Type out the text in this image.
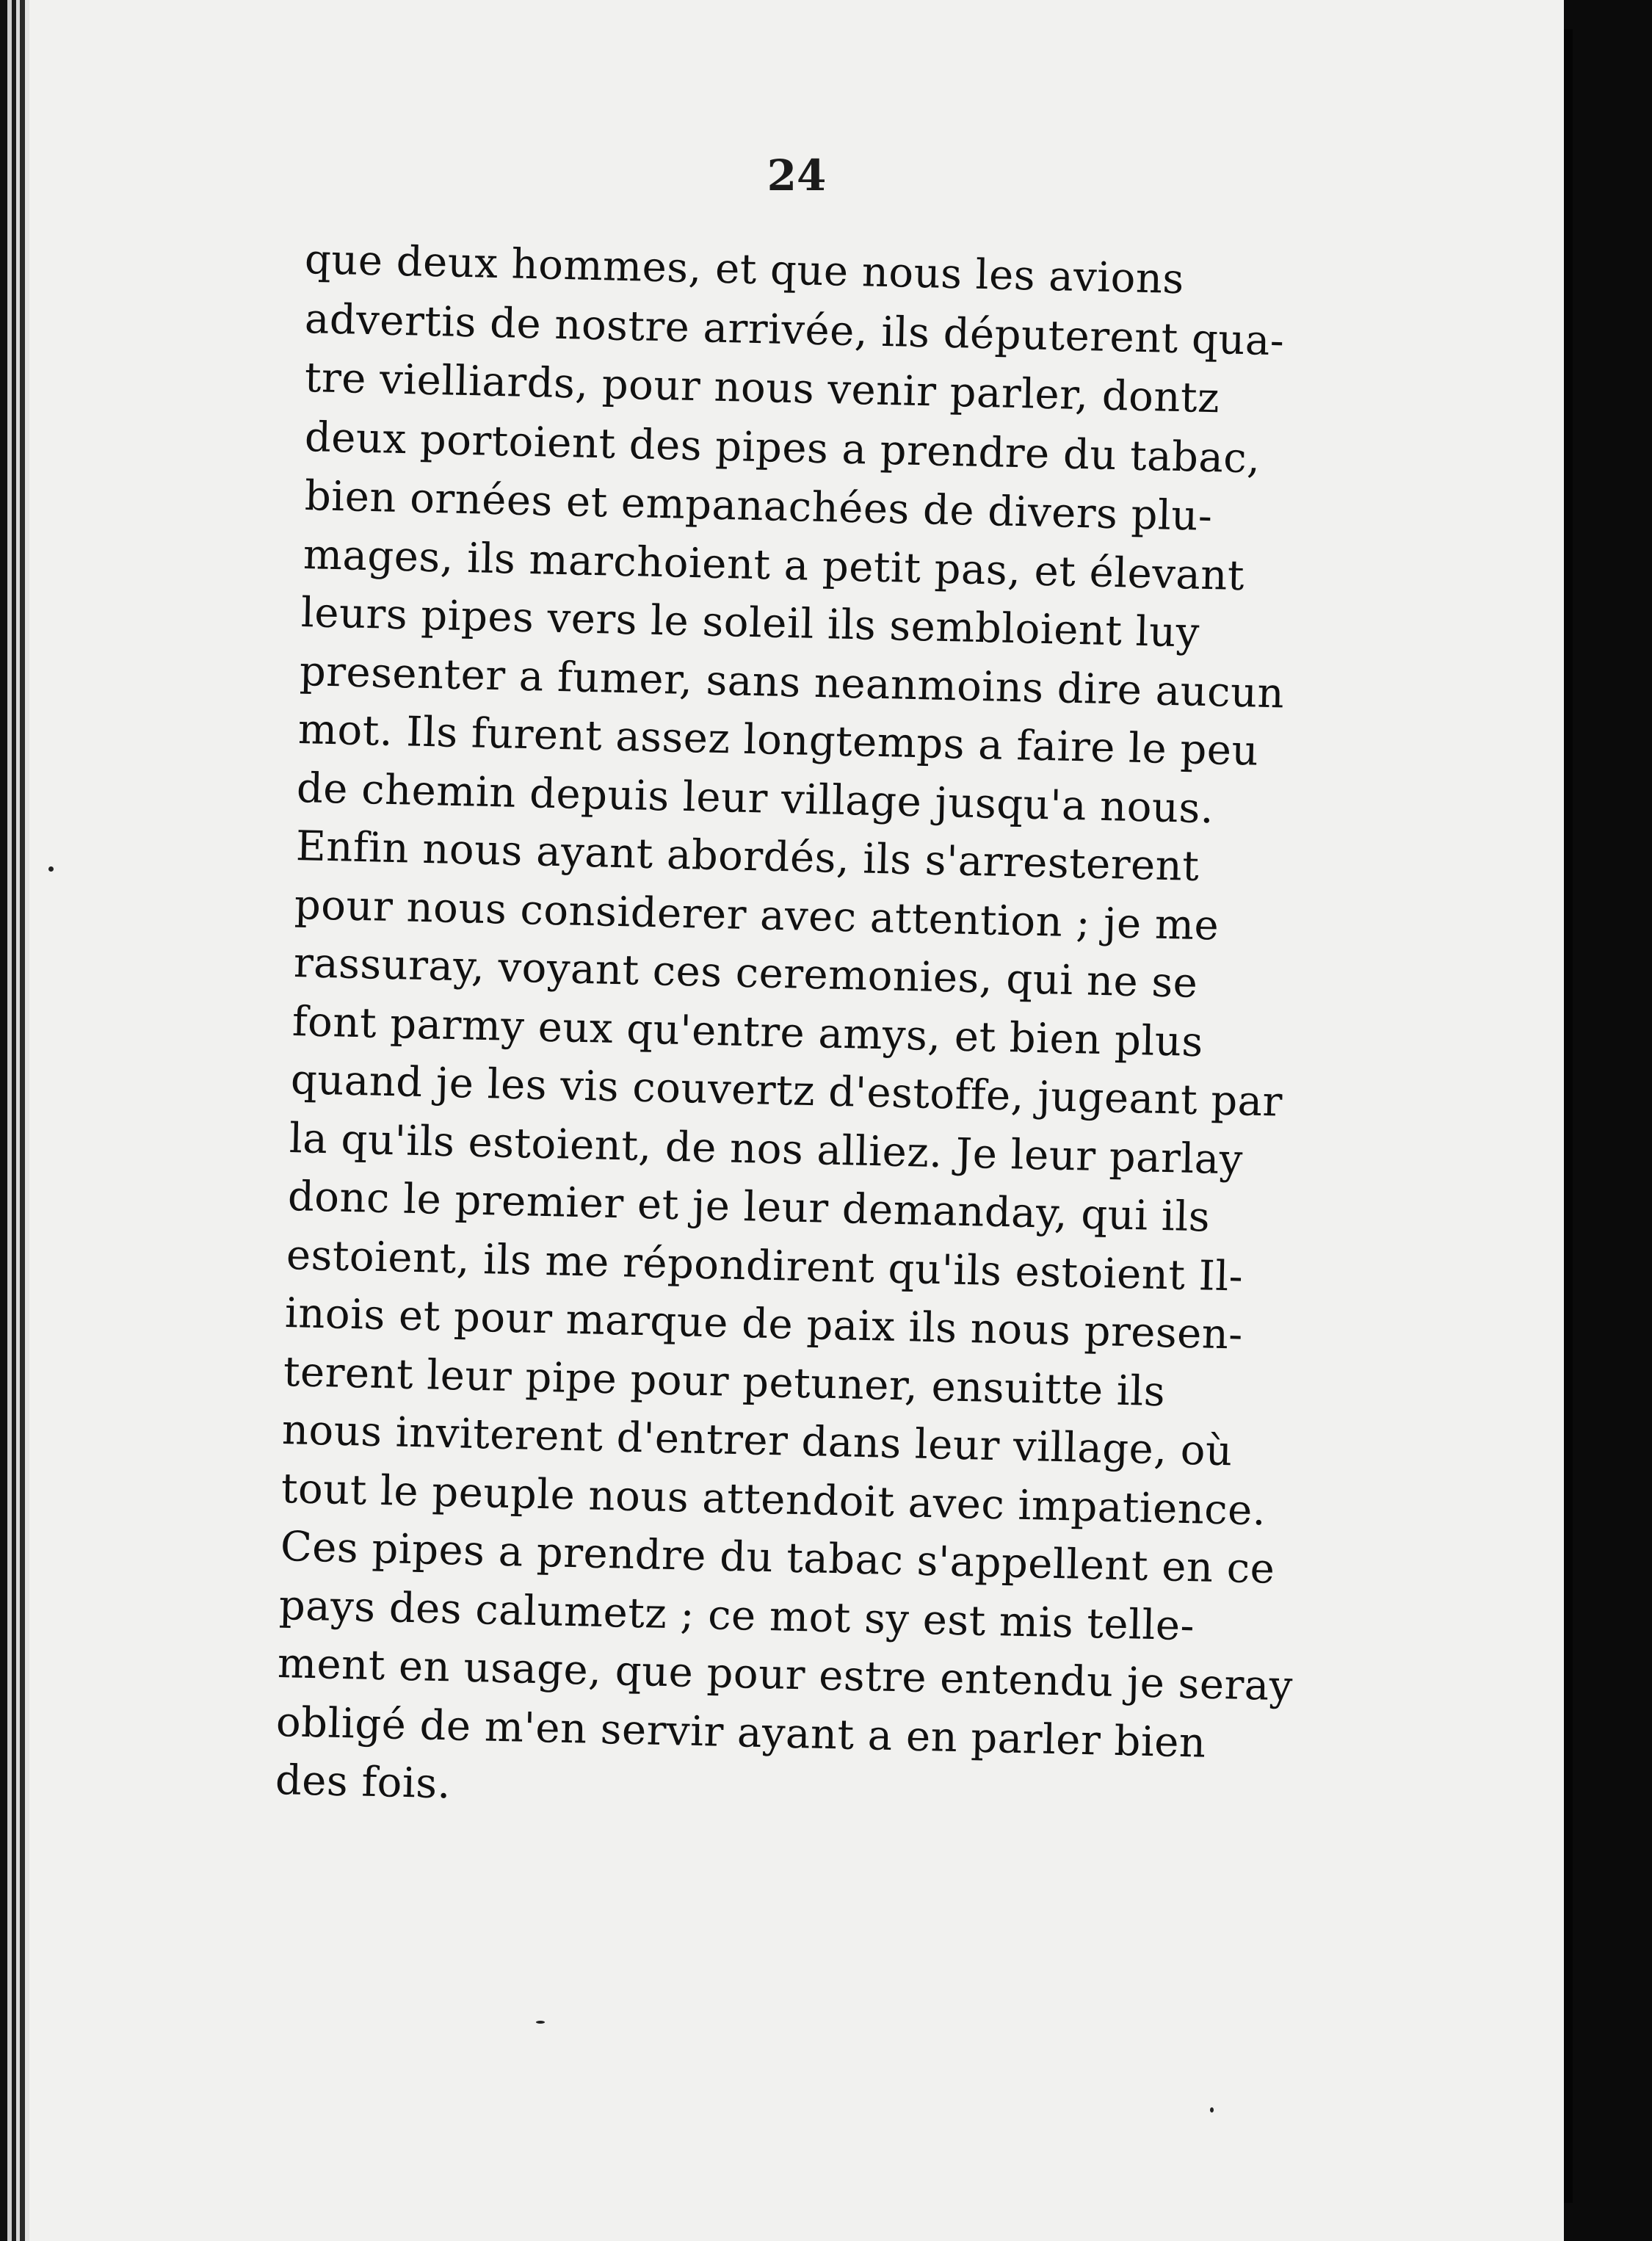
24

que deux hommes, et que nous les avions
advertis de nostre arrivée, ils députerent qua-
tre vielliards, pour nous venir parler, dontz
deux portoient des pipes a prendre du tabac,
bien ornées et empanachées de divers plu-
mages, ils marchoient a petit pas, et élevant
leurs pipes vers le soleil ils sembloient luy
presenter a fumer, sans neanmoins dire aucun
mot. Ils furent assez longtemps a faire le peu
de chemin depuis leur village jusqu'a nous.
Enfin nous ayant abordés, ils s'arresterent
pour nous considerer avec attention ; je me
rassuray, voyant ces ceremonies, qui ne se
font parmy eux qu'entre amys, et bien plus
quand je les vis couvertz d'estoffe, jugeant par
la qu'ils estoient, de nos alliez. Je leur parlay
donc le premier et je leur demanday, qui ils
estoient, ils me répondirent qu'ils estoient Il-
inois et pour marque de paix ils nous presen-
terent leur pipe pour petuner, ensuitte ils
nous inviterent d'entrer dans leur village, où
tout le peuple nous attendoit avec impatience.
Ces pipes a prendre du tabac s'appellent en ce
pays des calumetz ; ce mot sy est mis telle-
ment en usage, que pour estre entendu je seray
obligé de m'en servir ayant a en parler bien
des fois.
